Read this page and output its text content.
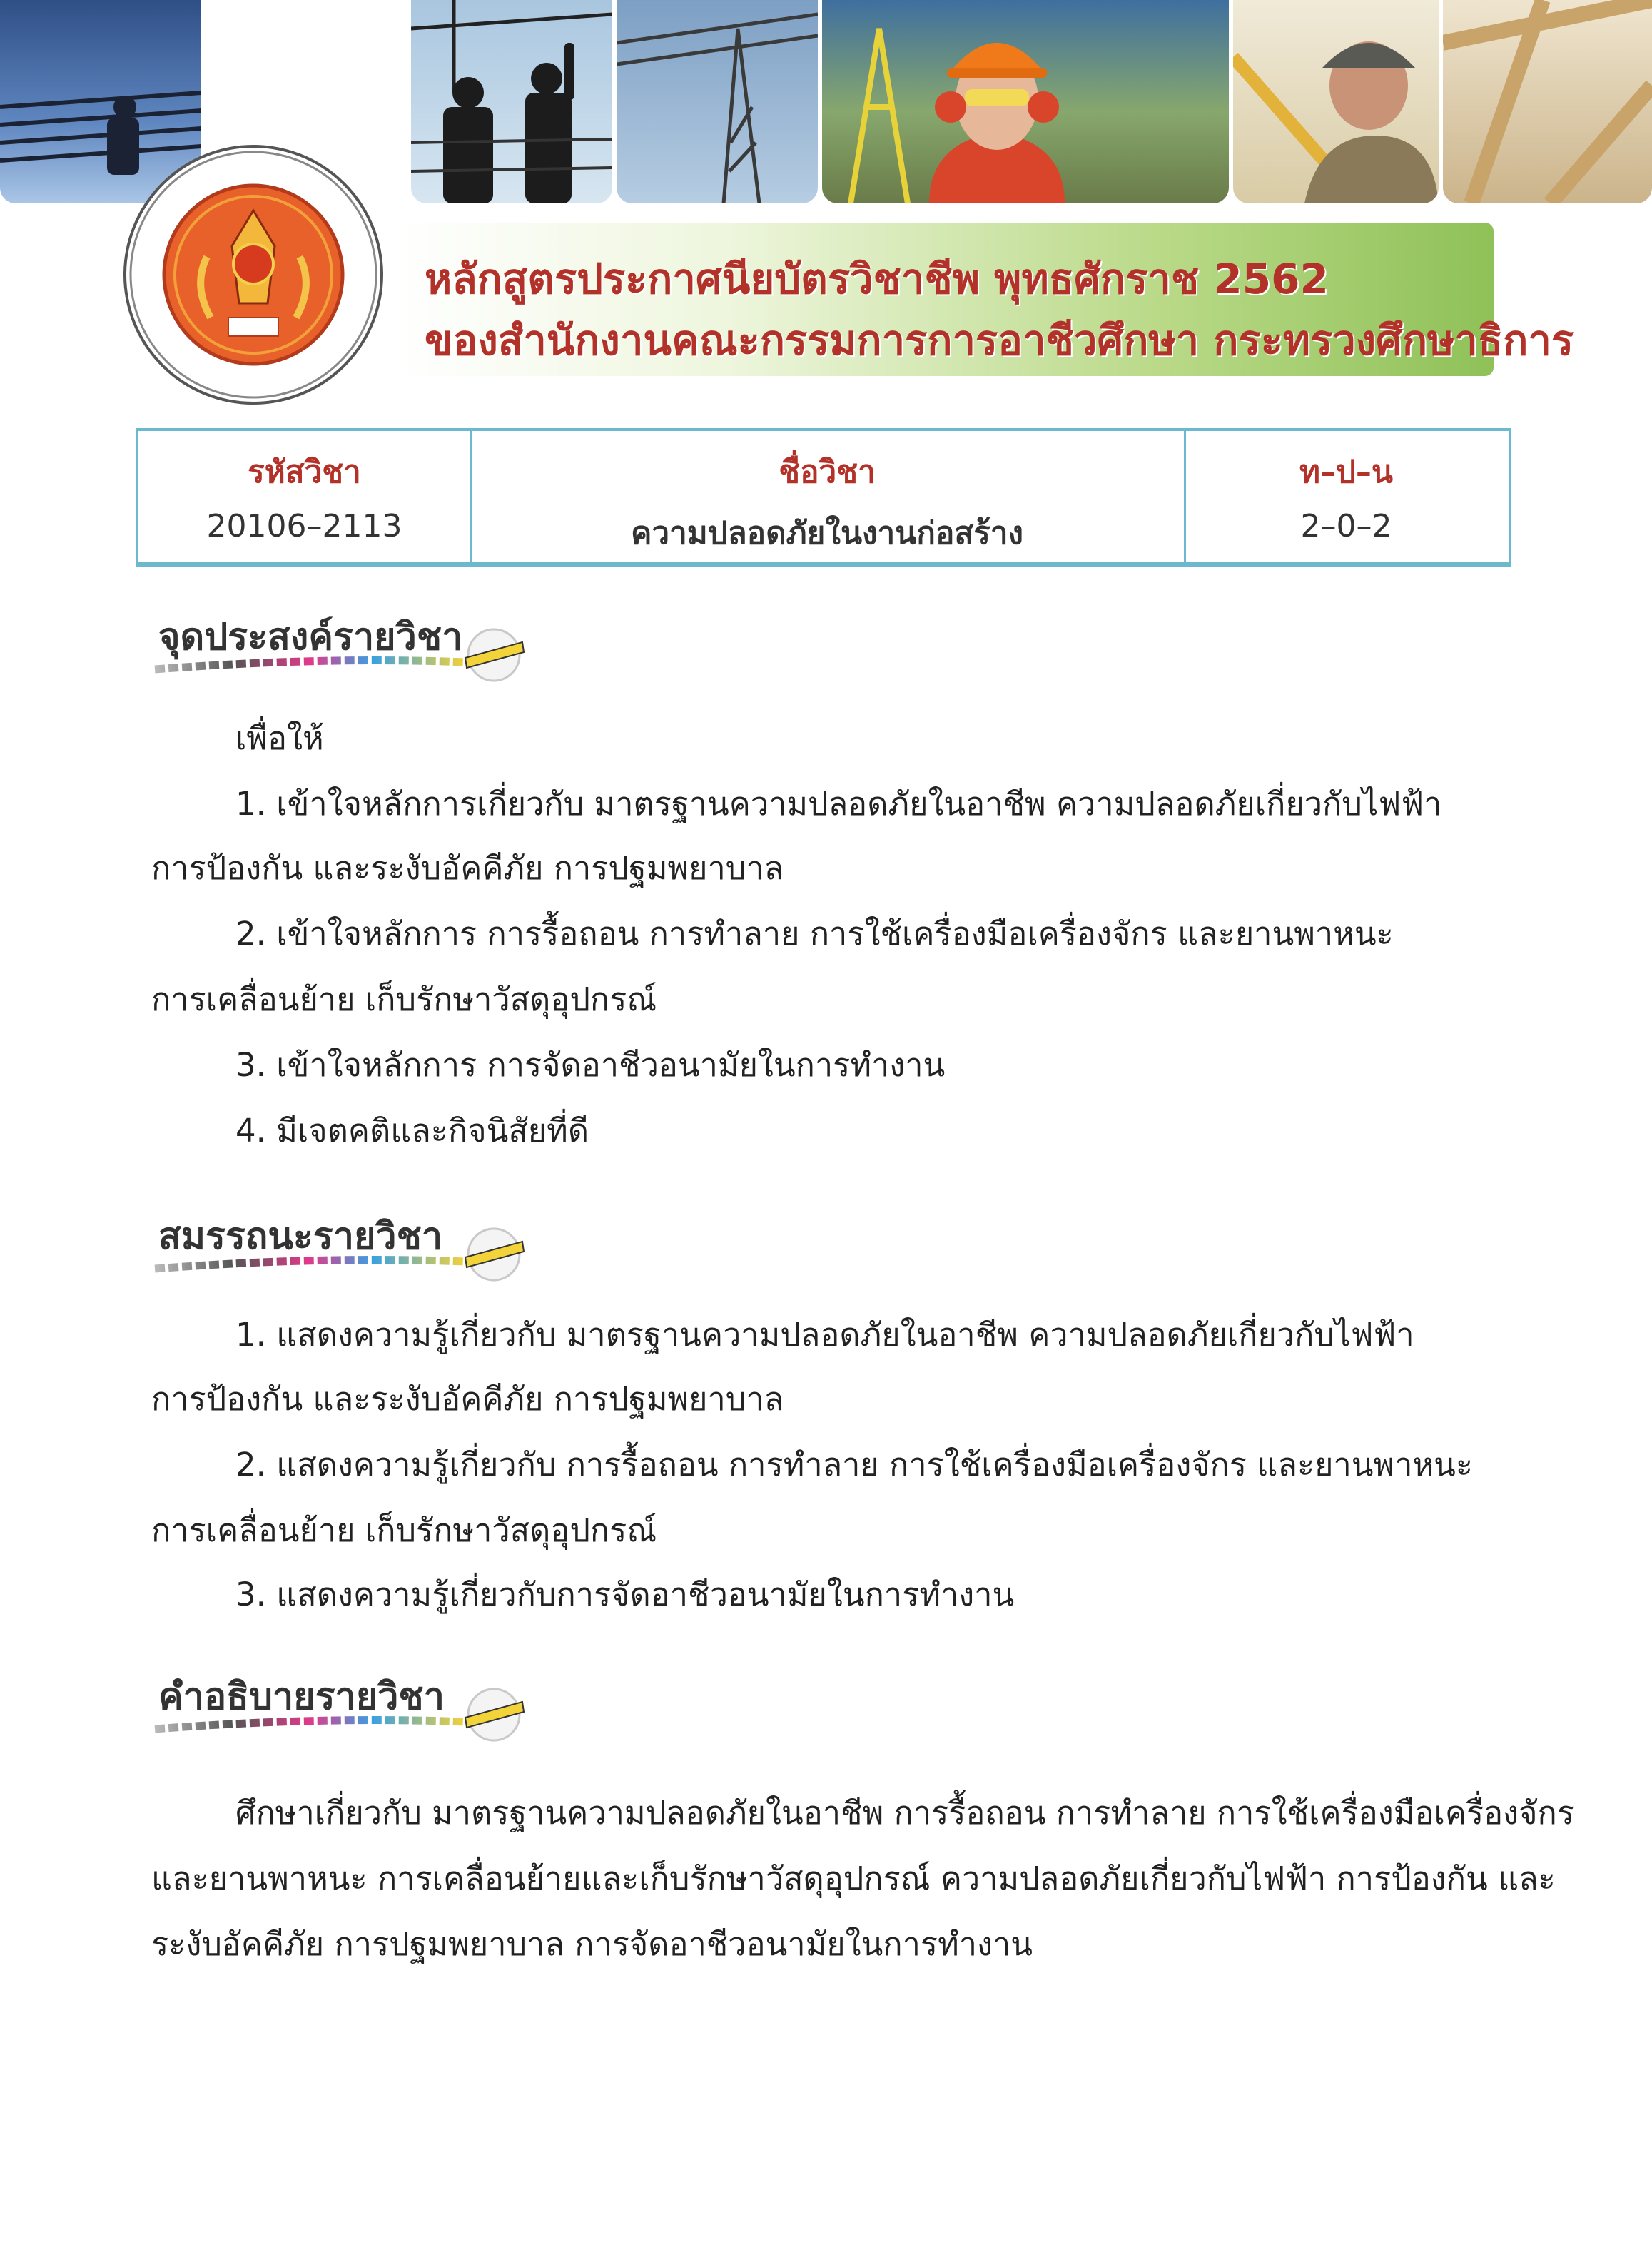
หลักสูตรประกาศนียบัตรวิชาชีพ พุทธศักราช 2562
ของสำนักงานคณะกรรมการการอาชีวศึกษา กระทรวงศึกษาธิการ
รหัสวิชา
20106–2113
ชื่อวิชา
ความปลอดภัยในงานก่อสร้าง
ท–ป–น
2–0–2
จุดประสงค์รายวิชา
เพื่อให้
1. เข้าใจหลักการเกี่ยวกับ มาตรฐานความปลอดภัยในอาชีพ ความปลอดภัยเกี่ยวกับไฟฟ้า
การป้องกัน และระงับอัคคีภัย การปฐมพยาบาล
2. เข้าใจหลักการ การรื้อถอน การทำลาย การใช้เครื่องมือเครื่องจักร และยานพาหนะ
การเคลื่อนย้าย เก็บรักษาวัสดุอุปกรณ์
3. เข้าใจหลักการ การจัดอาชีวอนามัยในการทำงาน
4. มีเจตคติและกิจนิสัยที่ดี
สมรรถนะรายวิชา
1. แสดงความรู้เกี่ยวกับ มาตรฐานความปลอดภัยในอาชีพ ความปลอดภัยเกี่ยวกับไฟฟ้า
การป้องกัน และระงับอัคคีภัย การปฐมพยาบาล
2. แสดงความรู้เกี่ยวกับ การรื้อถอน การทำลาย การใช้เครื่องมือเครื่องจักร และยานพาหนะ
การเคลื่อนย้าย เก็บรักษาวัสดุอุปกรณ์
3. แสดงความรู้เกี่ยวกับการจัดอาชีวอนามัยในการทำงาน
คำอธิบายรายวิชา
ศึกษาเกี่ยวกับ มาตรฐานความปลอดภัยในอาชีพ การรื้อถอน การทำลาย การใช้เครื่องมือเครื่องจักร
และยานพาหนะ การเคลื่อนย้ายและเก็บรักษาวัสดุอุปกรณ์ ความปลอดภัยเกี่ยวกับไฟฟ้า การป้องกัน และ
ระงับอัคคีภัย การปฐมพยาบาล การจัดอาชีวอนามัยในการทำงาน
